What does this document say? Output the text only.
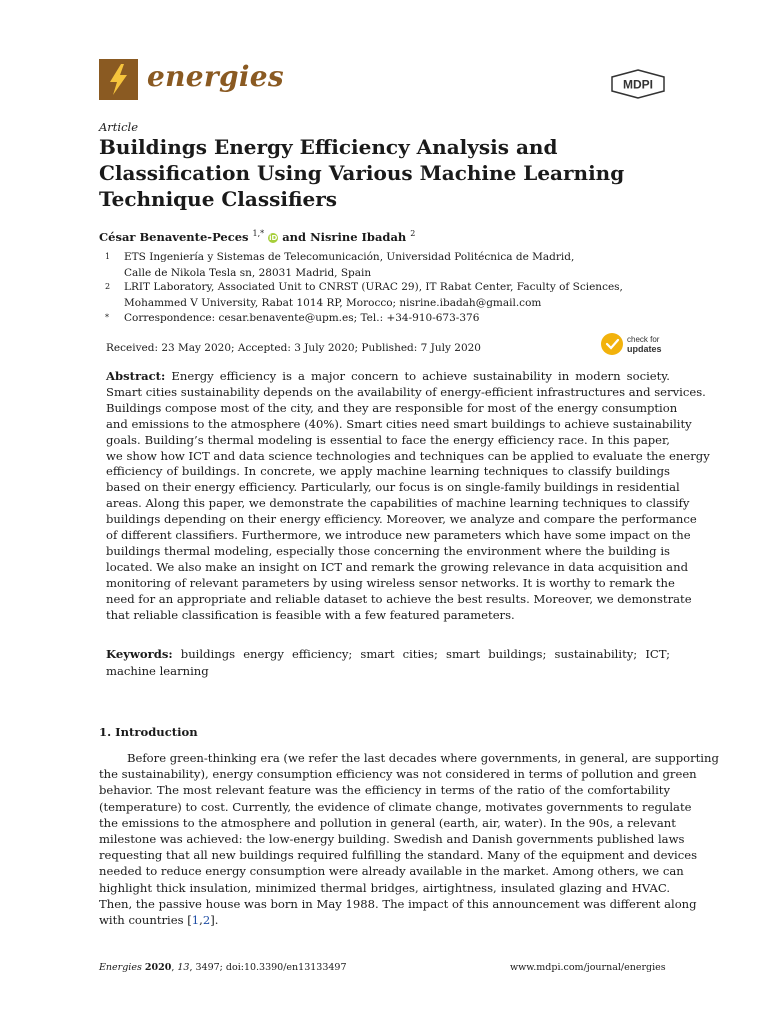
energies	MDPI
Article
Buildings Energy Efficiency Analysis and
Classification Using Various Machine Learning
Technique Classifiers
César Benavente-Peces $^{1,*}$ iD and Nisrine Ibadah $^2$
1 ETS Ingeniería y Sistemas de Telecomunicación, Universidad Politécnica de Madrid,
Calle de Nikola Tesla sn, 28031 Madrid, Spain
2 LRIT Laboratory, Associated Unit to CNRST (URAC 29), IT Rabat Center, Faculty of Sciences,
Mohammed V University, Rabat 1014 RP, Morocco; nisrine.ibadah@gmail.com
* Correspondence: cesar.benavente@upm.es; Tel.: +34-910-673-376
check for
updates
Received: 23 May 2020; Accepted: 3 July 2020; Published: 7 July 2020
Abstract: Energy efficiency is a major concern to achieve sustainability in modern society.
Smart cities sustainability depends on the availability of energy-efficient infrastructures and services.
Buildings compose most of the city, and they are responsible for most of the energy consumption
and emissions to the atmosphere (40%). Smart cities need smart buildings to achieve sustainability
goals. Building’s thermal modeling is essential to face the energy efficiency race. In this paper,
we show how ICT and data science technologies and techniques can be applied to evaluate the energy
efficiency of buildings. In concrete, we apply machine learning techniques to classify buildings
based on their energy efficiency. Particularly, our focus is on single-family buildings in residential
areas. Along this paper, we demonstrate the capabilities of machine learning techniques to classify
buildings depending on their energy efficiency. Moreover, we analyze and compare the performance
of different classifiers. Furthermore, we introduce new parameters which have some impact on the
buildings thermal modeling, especially those concerning the environment where the building is
located. We also make an insight on ICT and remark the growing relevance in data acquisition and
monitoring of relevant parameters by using wireless sensor networks. It is worthy to remark the
need for an appropriate and reliable dataset to achieve the best results. Moreover, we demonstrate
that reliable classification is feasible with a few featured parameters.
Keywords: buildings energy efficiency; smart cities; smart buildings; sustainability; ICT;
machine learning
1. Introduction
Before green-thinking era (we refer the last decades where governments, in general, are supporting
the sustainability), energy consumption efficiency was not considered in terms of pollution and green
behavior. The most relevant feature was the efficiency in terms of the ratio of the comfortability
(temperature) to cost. Currently, the evidence of climate change, motivates governments to regulate
the emissions to the atmosphere and pollution in general (earth, air, water). In the 90s, a relevant
milestone was achieved: the low-energy building. Swedish and Danish governments published laws
requesting that all new buildings required fulfilling the standard. Many of the equipment and devices
needed to reduce energy consumption were already available in the market. Among others, we can
highlight thick insulation, minimized thermal bridges, airtightness, insulated glazing and HVAC.
Then, the passive house was born in May 1988. The impact of this announcement was different along
with countries [1,2].
Energies 2020, 13, 3497; doi:10.3390/en13133497	www.mdpi.com/journal/energies
